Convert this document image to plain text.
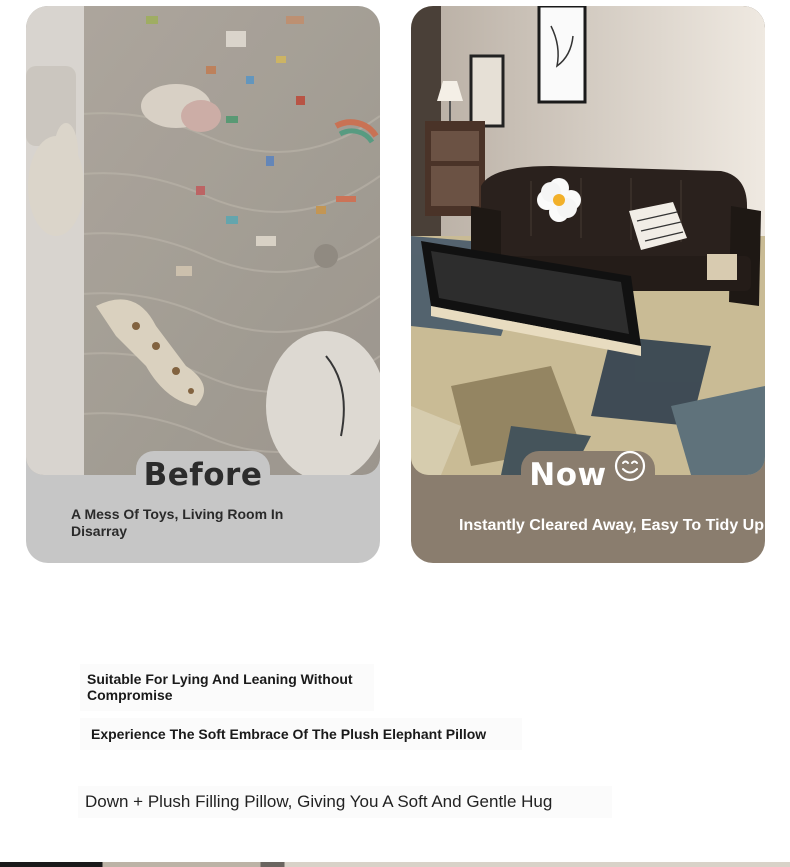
Before
A Mess Of Toys, Living Room In Disarray
Now
Instantly Cleared Away, Easy To Tidy Up
Suitable For Lying And Leaning Without Compromise
Experience The Soft Embrace Of The Plush Elephant Pillow
Down + Plush Filling Pillow, Giving You A Soft And Gentle Hug
